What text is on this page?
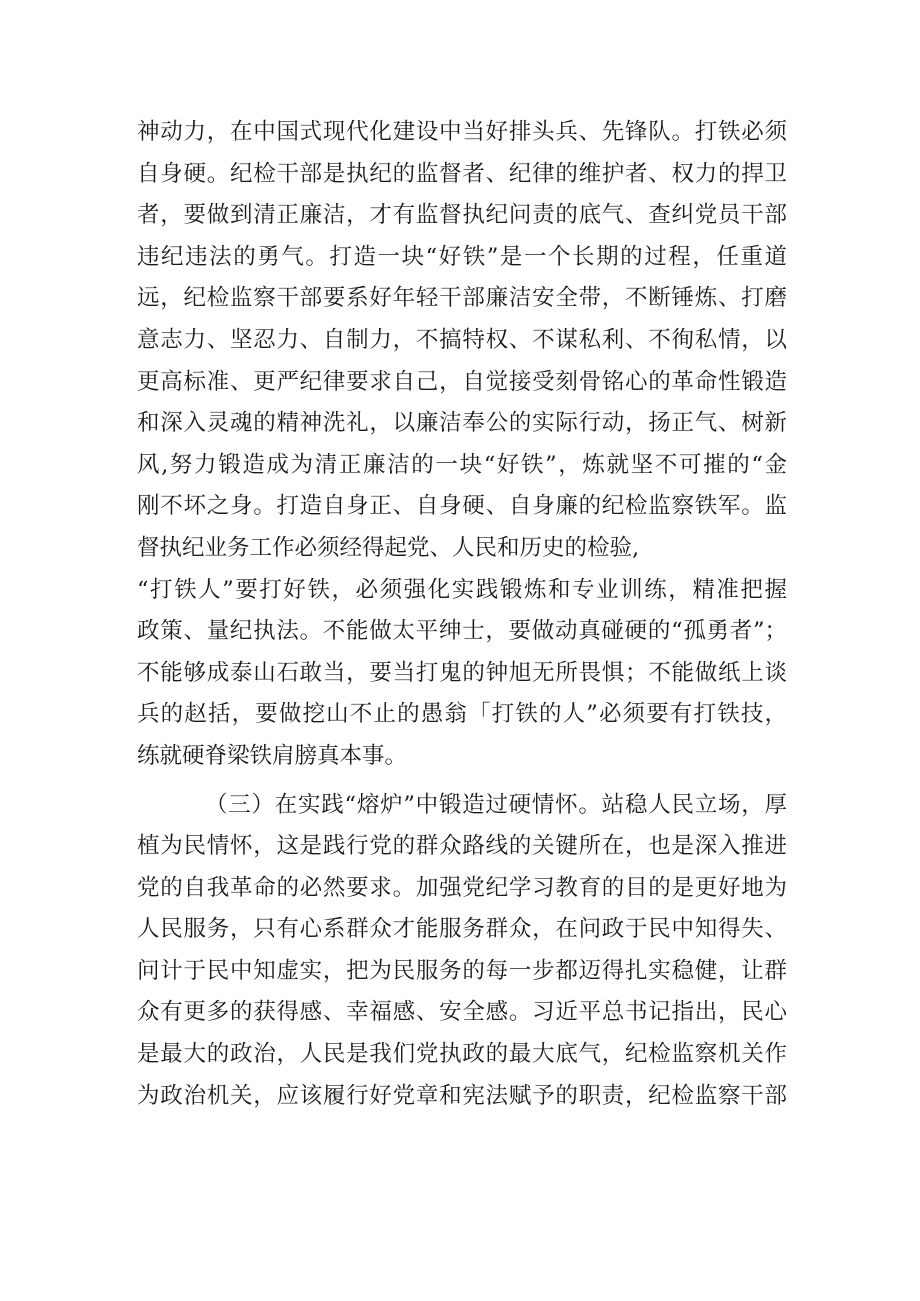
神动力，在中国式现代化建设中当好排头兵、先锋队。打铁必须
自身硬。纪检干部是执纪的监督者、纪律的维护者、权力的捍卫
者，要做到清正廉洁，才有监督执纪问责的底气、查纠党员干部
违纪违法的勇气。打造一块“好铁”是一个长期的过程，任重道
远，纪检监察干部要系好年轻干部廉洁安全带，不断锤炼、打磨
意志力、坚忍力、自制力，不搞特权、不谋私利、不徇私情，以
更高标准、更严纪律要求自己，自觉接受刻骨铭心的革命性锻造
和深入灵魂的精神洗礼，以廉洁奉公的实际行动，扬正气、树新
风,努力锻造成为清正廉洁的一块“好铁”，炼就坚不可摧的“金
刚不坏之身。打造自身正、自身硬、自身廉的纪检监察铁军。监
督执纪业务工作必须经得起党、人民和历史的检验,
“打铁人”要打好铁，必须强化实践锻炼和专业训练，精准把握
政策、量纪执法。不能做太平绅士，要做动真碰硬的“孤勇者”；
不能够成泰山石敢当，要当打鬼的钟旭无所畏惧；不能做纸上谈
兵的赵括，要做挖山不止的愚翁「打铁的人”必须要有打铁技，
练就硬脊梁铁肩膀真本事。
（三）在实践“熔炉”中锻造过硬情怀。站稳人民立场，厚
植为民情怀，这是践行党的群众路线的关键所在，也是深入推进
党的自我革命的必然要求。加强党纪学习教育的目的是更好地为
人民服务，只有心系群众才能服务群众，在问政于民中知得失、
问计于民中知虚实，把为民服务的每一步都迈得扎实稳健，让群
众有更多的获得感、幸福感、安全感。习近平总书记指出，民心
是最大的政治，人民是我们党执政的最大底气，纪检监察机关作
为政治机关，应该履行好党章和宪法赋予的职责，纪检监察干部
